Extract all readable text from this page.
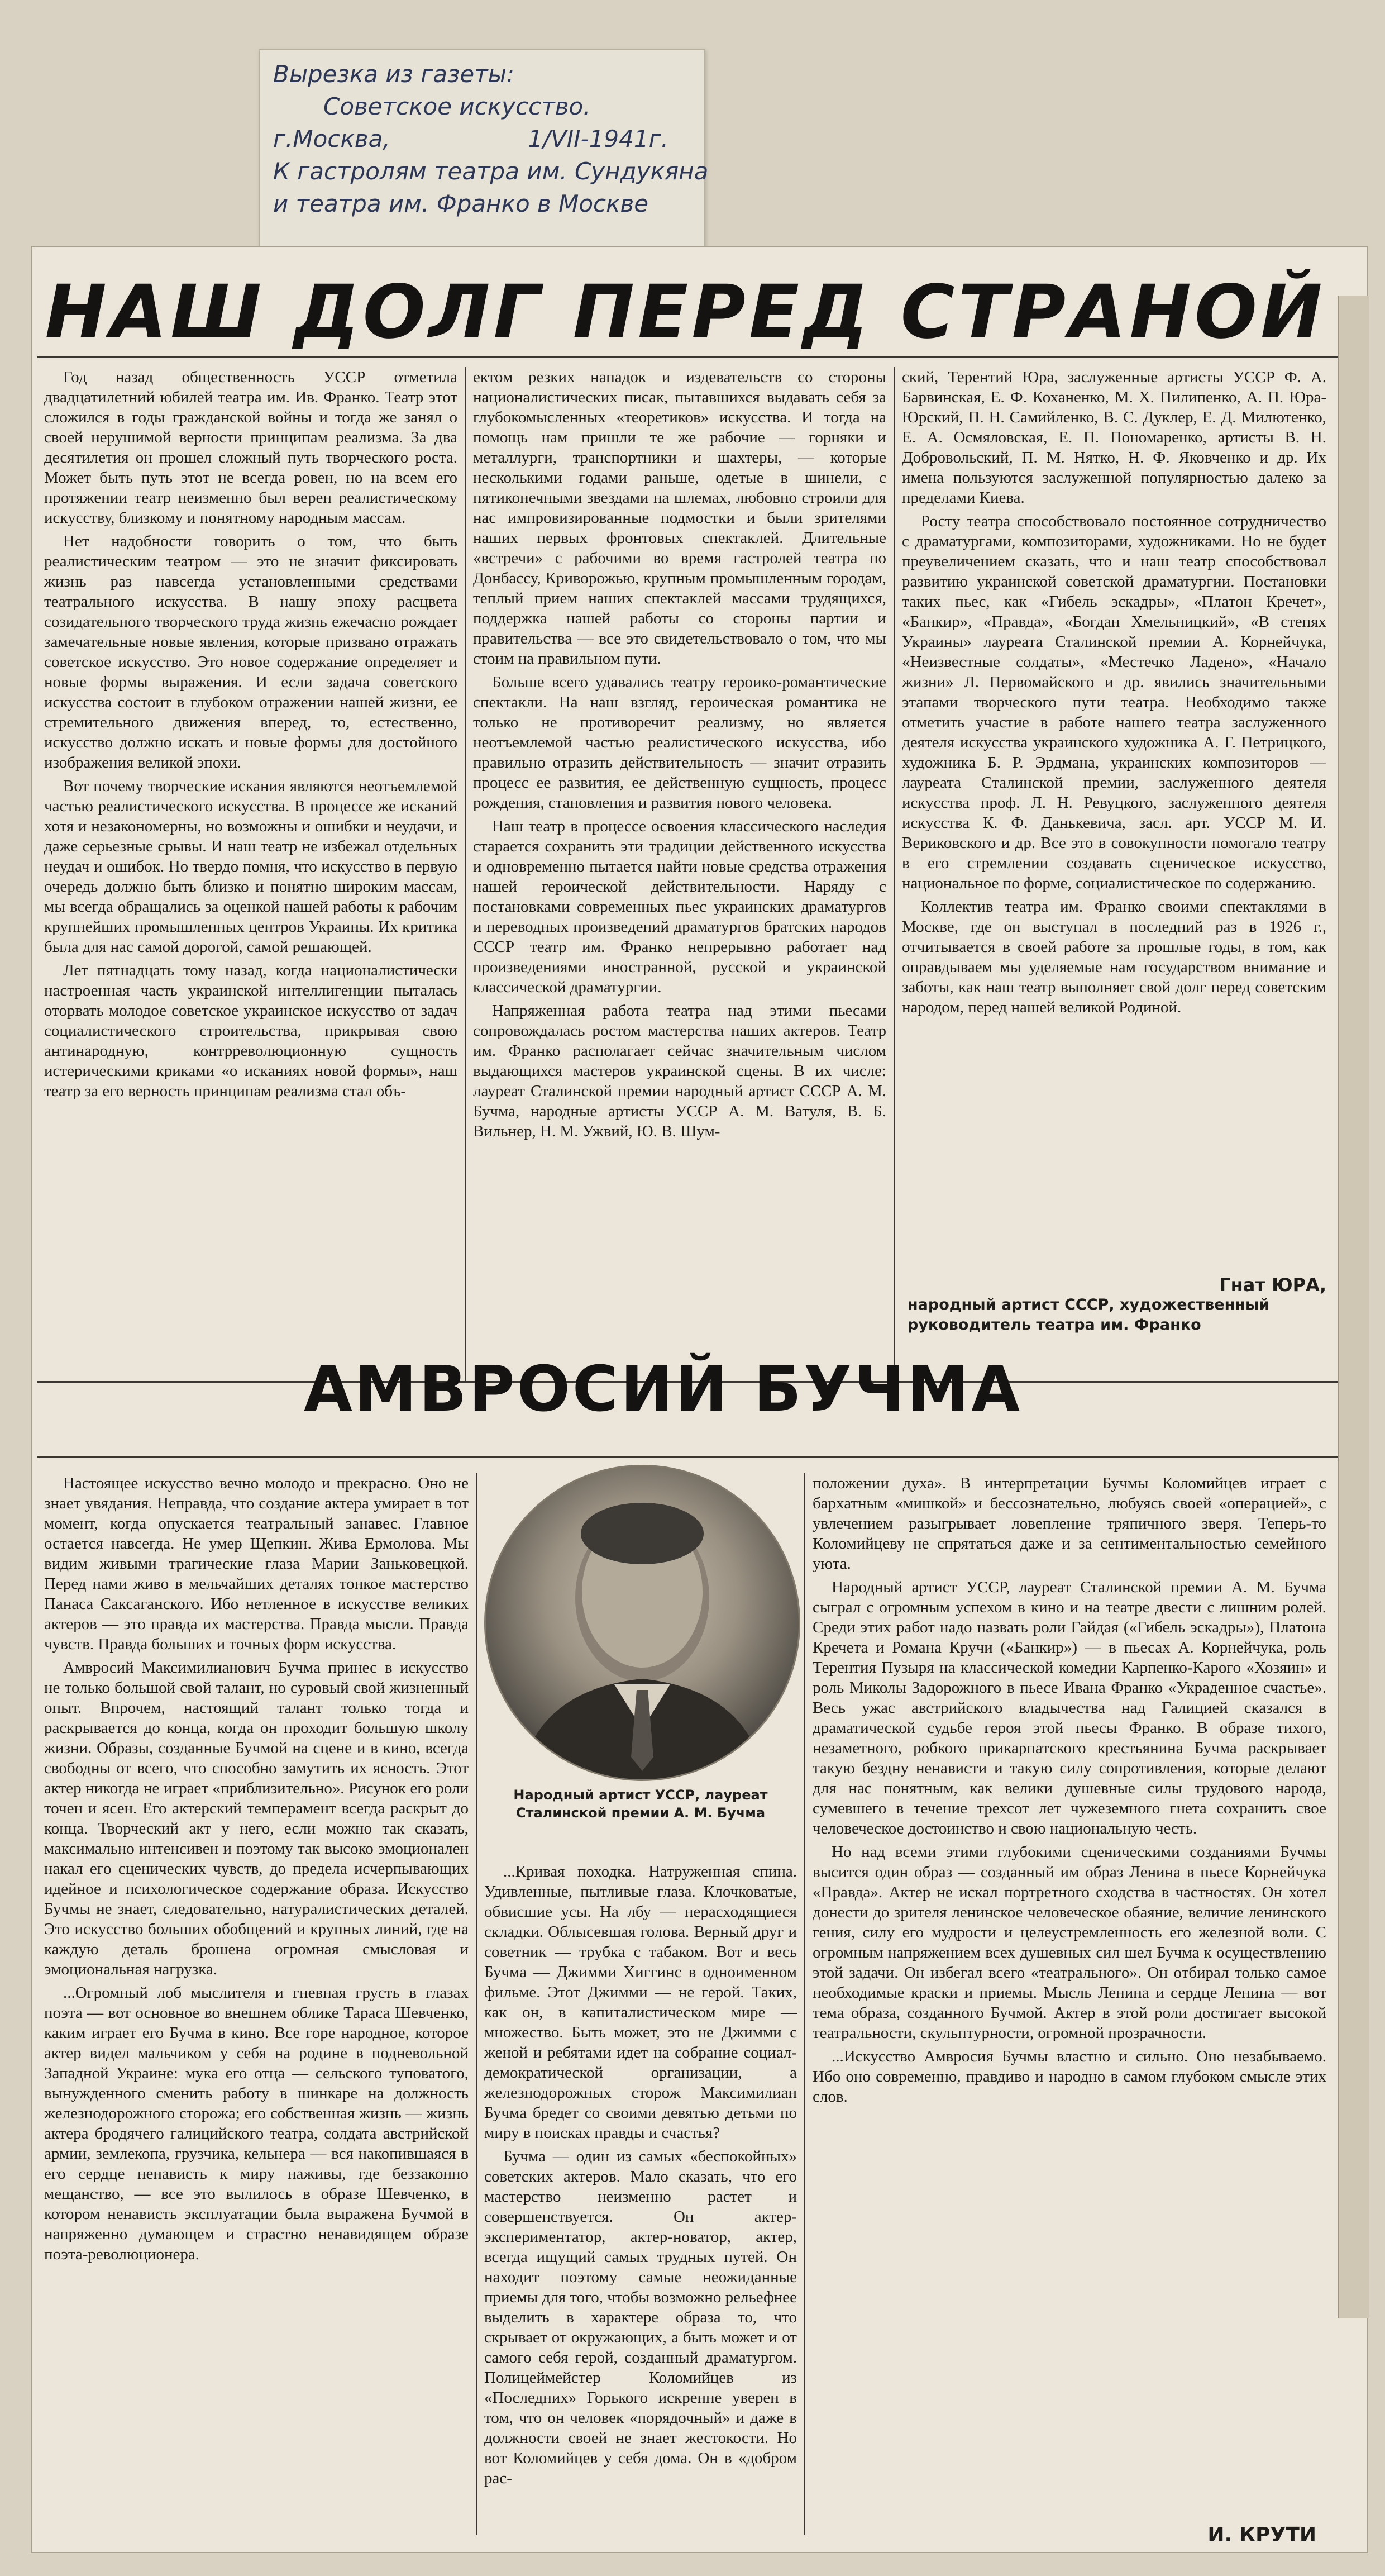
Вырезка из газеты:
Советское искусство.
г.Москва,	1/VII-1941г.
К гастролям театра им. Сундукяна
и театра им. Франко в Москве
НАШ ДОЛГ ПЕРЕД СТРАНОЙ

Год назад общественность УССР отметила двадцатилетний юбилей театра им. Ив. Франко. Театр этот сложился в годы гражданской войны и тогда же занял о своей нерушимой верности принципам реализма. За два десятилетия он прошел сложный путь творческого роста. Может быть путь этот не всегда ровен, но на всем его протяжении театр неизменно был верен реалистическому искусству, близкому и понятному народным массам.

Нет надобности говорить о том, что быть реалистическим театром — это не значит фиксировать жизнь раз навсегда установленными средствами театрального искусства. В нашу эпоху расцвета созидательного творческого труда жизнь ежечасно рождает замечательные новые явления, которые призвано отражать советское искусство. Это новое содержание определяет и новые формы выражения. И если задача советского искусства состоит в глубоком отражении нашей жизни, ее стремительного движения вперед, то, естественно, искусство должно искать и новые формы для достойного изображения великой эпохи.

Вот почему творческие искания являются неотъемлемой частью реалистического искусства. В процессе же исканий хотя и незакономерны, но возможны и ошибки и неудачи, и даже серьезные срывы. И наш театр не избежал отдельных неудач и ошибок. Но твердо помня, что искусство в первую очередь должно быть близко и понятно широким массам, мы всегда обращались за оценкой нашей работы к рабочим крупнейших промышленных центров Украины. Их критика была для нас самой дорогой, самой решающей.

Лет пятнадцать тому назад, когда националистически настроенная часть украинской интеллигенции пыталась оторвать молодое советское украинское искусство от задач социалистического строительства, прикрывая свою антинародную, контрреволюционную сущность истерическими криками «о исканиях новой формы», наш театр за его верность принципам реализма стал объ-

ектом резких нападок и издевательств со стороны националистических писак, пытавшихся выдавать себя за глубокомысленных «теоретиков» искусства. И тогда на помощь нам пришли те же рабочие — горняки и металлурги, транспортники и шахтеры, — которые несколькими годами раньше, одетые в шинели, с пятиконечными звездами на шлемах, любовно строили для нас импровизированные подмостки и были зрителями наших первых фронтовых спектаклей. Длительные «встречи» с рабочими во время гастролей театра по Донбассу, Криворожью, крупным промышленным городам, теплый прием наших спектаклей массами трудящихся, поддержка нашей работы со стороны партии и правительства — все это свидетельствовало о том, что мы стоим на правильном пути.

Больше всего удавались театру героико-романтические спектакли. На наш взгляд, героическая романтика не только не противоречит реализму, но является неотъемлемой частью реалистического искусства, ибо правильно отразить действительность — значит отразить процесс ее развития, ее действенную сущность, процесс рождения, становления и развития нового человека.

Наш театр в процессе освоения классического наследия старается сохранить эти традиции действенного искусства и одновременно пытается найти новые средства отражения нашей героической действительности. Наряду с постановками современных пьес украинских драматургов и переводных произведений драматургов братских народов СССР театр им. Франко непрерывно работает над произведениями иностранной, русской и украинской классической драматургии.

Напряженная работа театра над этими пьесами сопровождалась ростом мастерства наших актеров. Театр им. Франко располагает сейчас значительным числом выдающихся мастеров украинской сцены. В их числе: лауреат Сталинской премии народный артист СССР А. М. Бучма, народные артисты УССР А. М. Ватуля, В. Б. Вильнер, Н. М. Ужвий, Ю. В. Шум-

ский, Терентий Юра, заслуженные артисты УССР Ф. А. Барвинская, Е. Ф. Коханенко, М. Х. Пилипенко, А. П. Юра-Юрский, П. Н. Самийленко, В. С. Дуклер, Е. Д. Милютенко, Е. А. Осмяловская, Е. П. Пономаренко, артисты В. Н. Добровольский, П. М. Нятко, Н. Ф. Яковченко и др. Их имена пользуются заслуженной популярностью далеко за пределами Киева.

Росту театра способствовало постоянное сотрудничество с драматургами, композиторами, художниками. Но не будет преувеличением сказать, что и наш театр способствовал развитию украинской советской драматургии. Постановки таких пьес, как «Гибель эскадры», «Платон Кречет», «Банкир», «Правда», «Богдан Хмельницкий», «В степях Украины» лауреата Сталинской премии А. Корнейчука, «Неизвестные солдаты», «Местечко Ладено», «Начало жизни» Л. Первомайского и др. явились значительными этапами творческого пути театра. Необходимо также отметить участие в работе нашего театра заслуженного деятеля искусства украинского художника А. Г. Петрицкого, художника Б. Р. Эрдмана, украинских композиторов — лауреата Сталинской премии, заслуженного деятеля искусства проф. Л. Н. Ревуцкого, заслуженного деятеля искусства К. Ф. Данькевича, засл. арт. УССР М. И. Вериковского и др. Все это в совокупности помогало театру в его стремлении создавать сценическое искусство, национальное по форме, социалистическое по содержанию.

Коллектив театра им. Франко своими спектаклями в Москве, где он выступал в последний раз в 1926 г., отчитывается в своей работе за прошлые годы, в том, как оправдываем мы уделяемые нам государством внимание и заботы, как наш театр выполняет свой долг перед советским народом, перед нашей великой Родиной.

Гнат ЮРА,
народный артист СССР, художественный руководитель театра им. Франко
АМВРОСИЙ БУЧМА

Настоящее искусство вечно молодо и прекрасно. Оно не знает увядания. Неправда, что создание актера умирает в тот момент, когда опускается театральный занавес. Главное остается навсегда. Не умер Щепкин. Жива Ермолова. Мы видим живыми трагические глаза Марии Заньковецкой. Перед нами живо в мельчайших деталях тонкое мастерство Панаса Саксаганского. Ибо нетленное в искусстве великих актеров — это правда их мастерства. Правда мысли. Правда чувств. Правда больших и точных форм искусства.

Амвросий Максимилианович Бучма принес в искусство не только большой свой талант, но суровый свой жизненный опыт. Впрочем, настоящий талант только тогда и раскрывается до конца, когда он проходит большую школу жизни. Образы, созданные Бучмой на сцене и в кино, всегда свободны от всего, что способно замутить их ясность. Этот актер никогда не играет «приблизительно». Рисунок его роли точен и ясен. Его актерский темперамент всегда раскрыт до конца. Творческий акт у него, если можно так сказать, максимально интенсивен и поэтому так высоко эмоционален накал его сценических чувств, до предела исчерпывающих идейное и психологическое содержание образа. Искусство Бучмы не знает, следовательно, натуралистических деталей. Это искусство больших обобщений и крупных линий, где на каждую деталь брошена огромная смысловая и эмоциональная нагрузка.

...Огромный лоб мыслителя и гневная грусть в глазах поэта — вот основное во внешнем облике Тараса Шевченко, каким играет его Бучма в кино. Все горе народное, которое актер видел мальчиком у себя на родине в подневольной Западной Украине: мука его отца — сельского туповатого, вынужденного сменить работу в шинкаре на должность железнодорожного сторожа; его собственная жизнь — жизнь актера бродячего галицийского театра, солдата австрийской армии, землекопа, грузчика, кельнера — вся накопившаяся в его сердце ненависть к миру наживы, где беззаконно мещанство, — все это вылилось в образе Шевченко, в котором ненависть эксплуатации была выражена Бучмой в напряженно думающем и страстно ненавидящем образе поэта-революционера.

Народный артист УССР, лауреат Сталинской премии А. М. Бучма

...Кривая походка. Натруженная спина. Удивленные, пытливые глаза. Клочковатые, обвисшие усы. На лбу — нерасходящиеся складки. Облысевшая голова. Верный друг и советник — трубка с табаком. Вот и весь Бучма — Джимми Хиггинс в одноименном фильме. Этот Джимми — не герой. Таких, как он, в капиталистическом мире — множество. Быть может, это не Джимми с женой и ребятами идет на собрание социал-демократической организации, а железнодорожных сторож Максимилиан Бучма бредет со своими девятью детьми по миру в поисках правды и счастья?

Бучма — один из самых «беспокойных» советских актеров. Мало сказать, что его мастерство неизменно растет и совершенствуется. Он актер-экспериментатор, актер-новатор, актер, всегда ищущий самых трудных путей. Он находит поэтому самые неожиданные приемы для того, чтобы возможно рельефнее выделить в характере образа то, что скрывает от окружающих, а быть может и от самого себя герой, созданный драматургом. Полицеймейстер Коломийцев из «Последних» Горького искренне уверен в том, что он человек «порядочный» и даже в должности своей не знает жестокости. Но вот Коломийцев у себя дома. Он в «добром рас-

положении духа». В интерпретации Бучмы Коломийцев играет с бархатным «мишкой» и бессознательно, любуясь своей «операцией», с увлечением разыгрывает ловепление тряпичного зверя. Теперь-то Коломийцеву не спрятаться даже и за сентиментальностью семейного уюта.

Народный артист УССР, лауреат Сталинской премии А. М. Бучма сыграл с огромным успехом в кино и на театре двести с лишним ролей. Среди этих работ надо назвать роли Гайдая («Гибель эскадры»), Платона Кречета и Романа Кручи («Банкир») — в пьесах А. Корнейчука, роль Терентия Пузыря на классической комедии Карпенко-Карого «Хозяин» и роль Миколы Задорожного в пьесе Ивана Франко «Украденное счастье». Весь ужас австрийского владычества над Галицией сказался в драматической судьбе героя этой пьесы Франко. В образе тихого, незаметного, робкого прикарпатского крестьянина Бучма раскрывает такую бездну ненависти и такую силу сопротивления, которые делают для нас понятным, как велики душевные силы трудового народа, сумевшего в течение трехсот лет чужеземного гнета сохранить свое человеческое достоинство и свою национальную честь.

Но над всеми этими глубокими сценическими созданиями Бучмы высится один образ — созданный им образ Ленина в пьесе Корнейчука «Правда». Актер не искал портретного сходства в частностях. Он хотел донести до зрителя ленинское человеческое обаяние, величие ленинского гения, силу его мудрости и целеустремленность его железной воли. С огромным напряжением всех душевных сил шел Бучма к осуществлению этой задачи. Он избегал всего «театрального». Он отбирал только самое необходимые краски и приемы. Мысль Ленина и сердце Ленина — вот тема образа, созданного Бучмой. Актер в этой роли достигает высокой театральности, скульптурности, огромной прозрачности.

...Искусство Амвросия Бучмы властно и сильно. Оно незабываемо. Ибо оно современно, правдиво и народно в самом глубоком смысле этих слов.

И. КРУТИ
